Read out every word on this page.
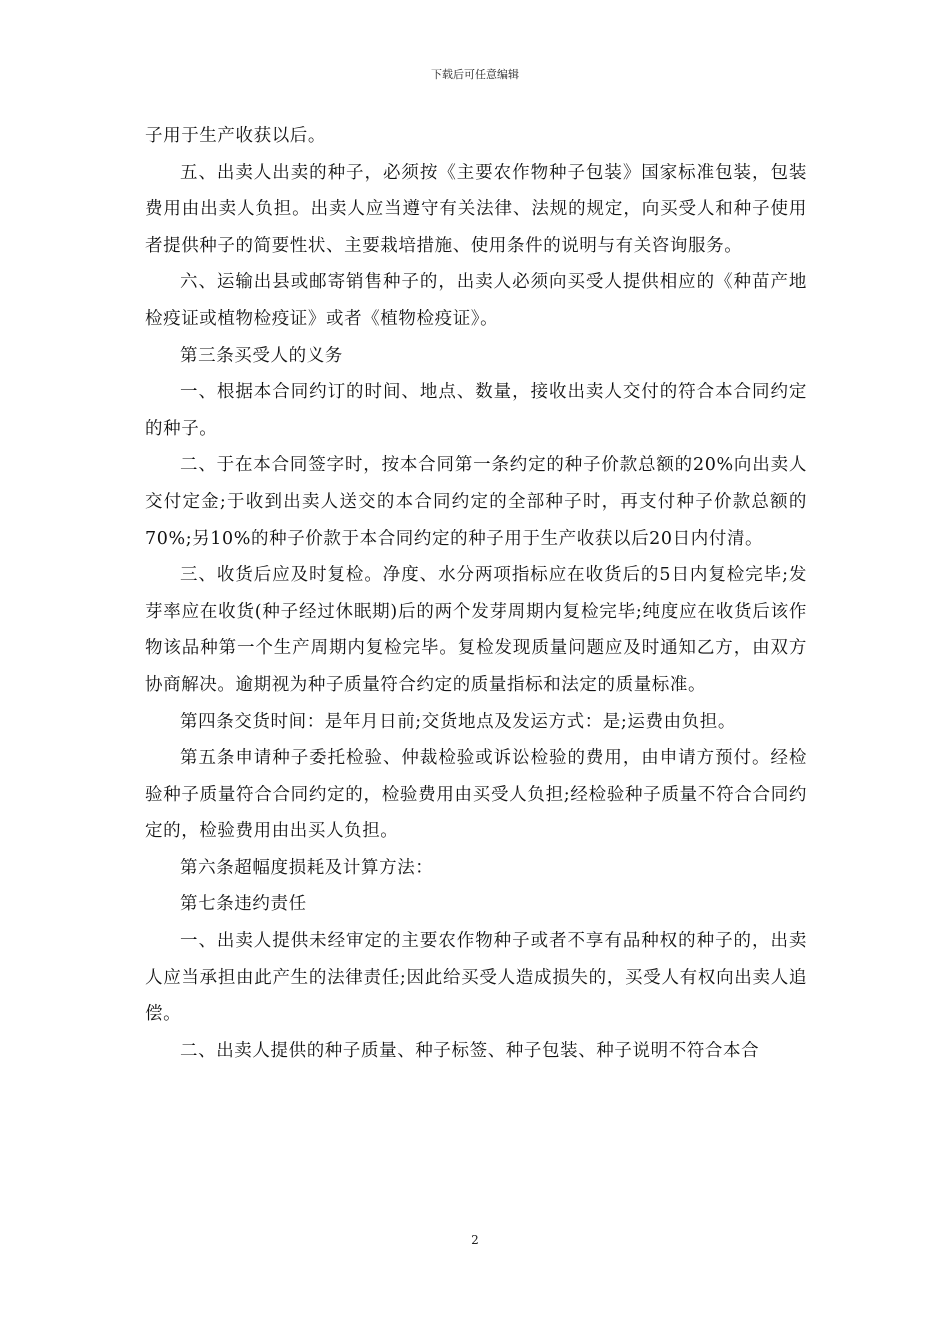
下载后可任意编辑

子用于生产收获以后。

五、出卖人出卖的种子，必须按《主要农作物种子包装》国家标准包装，包装费用由出卖人负担。出卖人应当遵守有关法律、法规的规定，向买受人和种子使用者提供种子的简要性状、主要栽培措施、使用条件的说明与有关咨询服务。

六、运输出县或邮寄销售种子的，出卖人必须向买受人提供相应的《种苗产地检疫证或植物检疫证》或者《植物检疫证》。

第三条买受人的义务

一、根据本合同约订的时间、地点、数量，接收出卖人交付的符合本合同约定的种子。

二、于在本合同签字时，按本合同第一条约定的种子价款总额的20%向出卖人交付定金;于收到出卖人送交的本合同约定的全部种子时，再支付种子价款总额的70%;另10%的种子价款于本合同约定的种子用于生产收获以后20日内付清。

三、收货后应及时复检。净度、水分两项指标应在收货后的5日内复检完毕;发芽率应在收货(种子经过休眠期)后的两个发芽周期内复检完毕;纯度应在收货后该作物该品种第一个生产周期内复检完毕。复检发现质量问题应及时通知乙方，由双方协商解决。逾期视为种子质量符合约定的质量指标和法定的质量标准。

第四条交货时间：是年月日前;交货地点及发运方式：是;运费由负担。

第五条申请种子委托检验、仲裁检验或诉讼检验的费用，由申请方预付。经检验种子质量符合合同约定的，检验费用由买受人负担;经检验种子质量不符合合同约定的，检验费用由出买人负担。

第六条超幅度损耗及计算方法：

第七条违约责任

一、出卖人提供未经审定的主要农作物种子或者不享有品种权的种子的，出卖人应当承担由此产生的法律责任;因此给买受人造成损失的，买受人有权向出卖人追偿。

二、出卖人提供的种子质量、种子标签、种子包装、种子说明不符合本合

2
